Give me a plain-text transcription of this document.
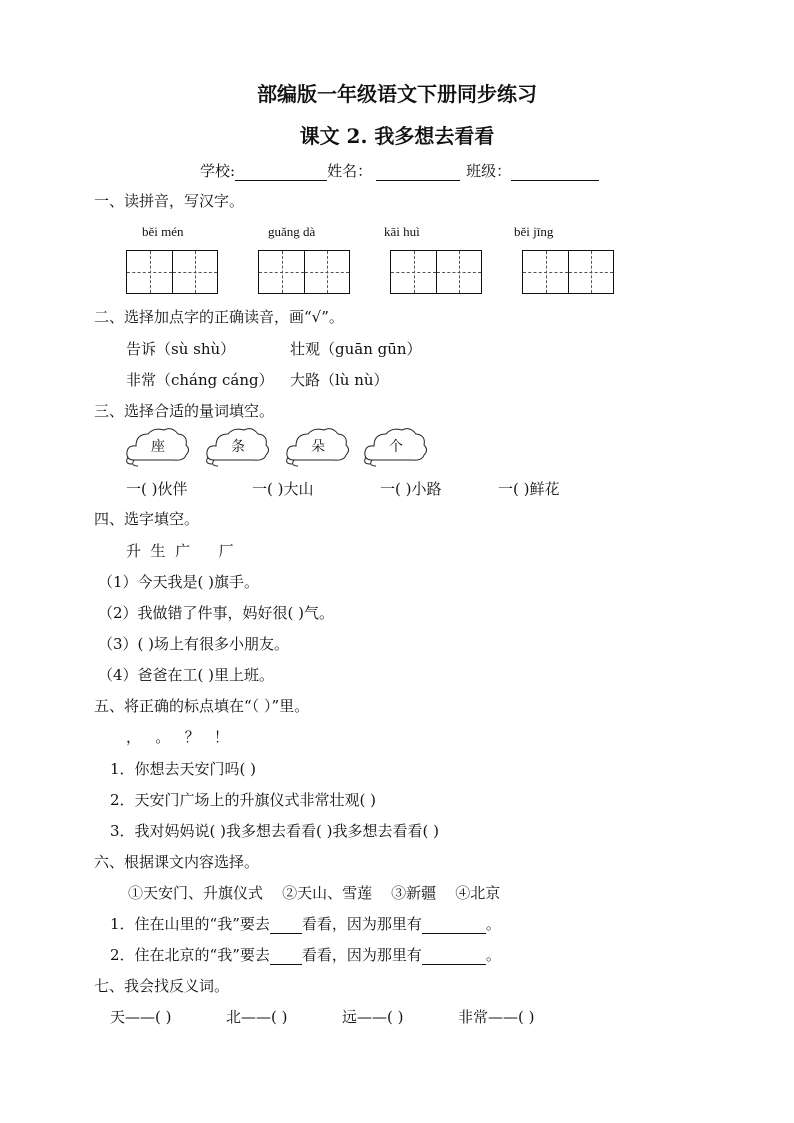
部编版一年级语文下册同步练习
课文 2. 我多想去看看
学校:	姓名：	班级：
一、读拼音，写汉字。
běi mén	guǎng dà	kāi huì	běi jīng
二、选择加点字的正确读音，画“√”。
告诉（sù shù）	壮观（guān gūn）
非常（cháng cáng） 大路（lù nù）
三、选择合适的量词填空。
座	条	朵	个
一( )伙伴	一( )大山	一( )小路	一( )鲜花
四、选字填空。
升  生  广      厂
（1）今天我是( )旗手。
（2）我做错了件事，妈好很( )气。
（3）( )场上有很多小朋友。
（4）爸爸在工( )里上班。
五、将正确的标点填在“（ ）”里。
，   。   ？   ！
1．你想去天安门吗( )
2．天安门广场上的升旗仪式非常壮观( )
3．我对妈妈说( )我多想去看看( )我多想去看看( )
六、根据课文内容选择。
①天安门、升旗仪式    ②天山、雪莲    ③新疆    ④北京
1．住在山里的“我”要去 看看，因为那里有	。
2．住在北京的“我”要去 看看，因为那里有	。
七、我会找反义词。
天——( )	北——( )	远——( )	非常——( )
